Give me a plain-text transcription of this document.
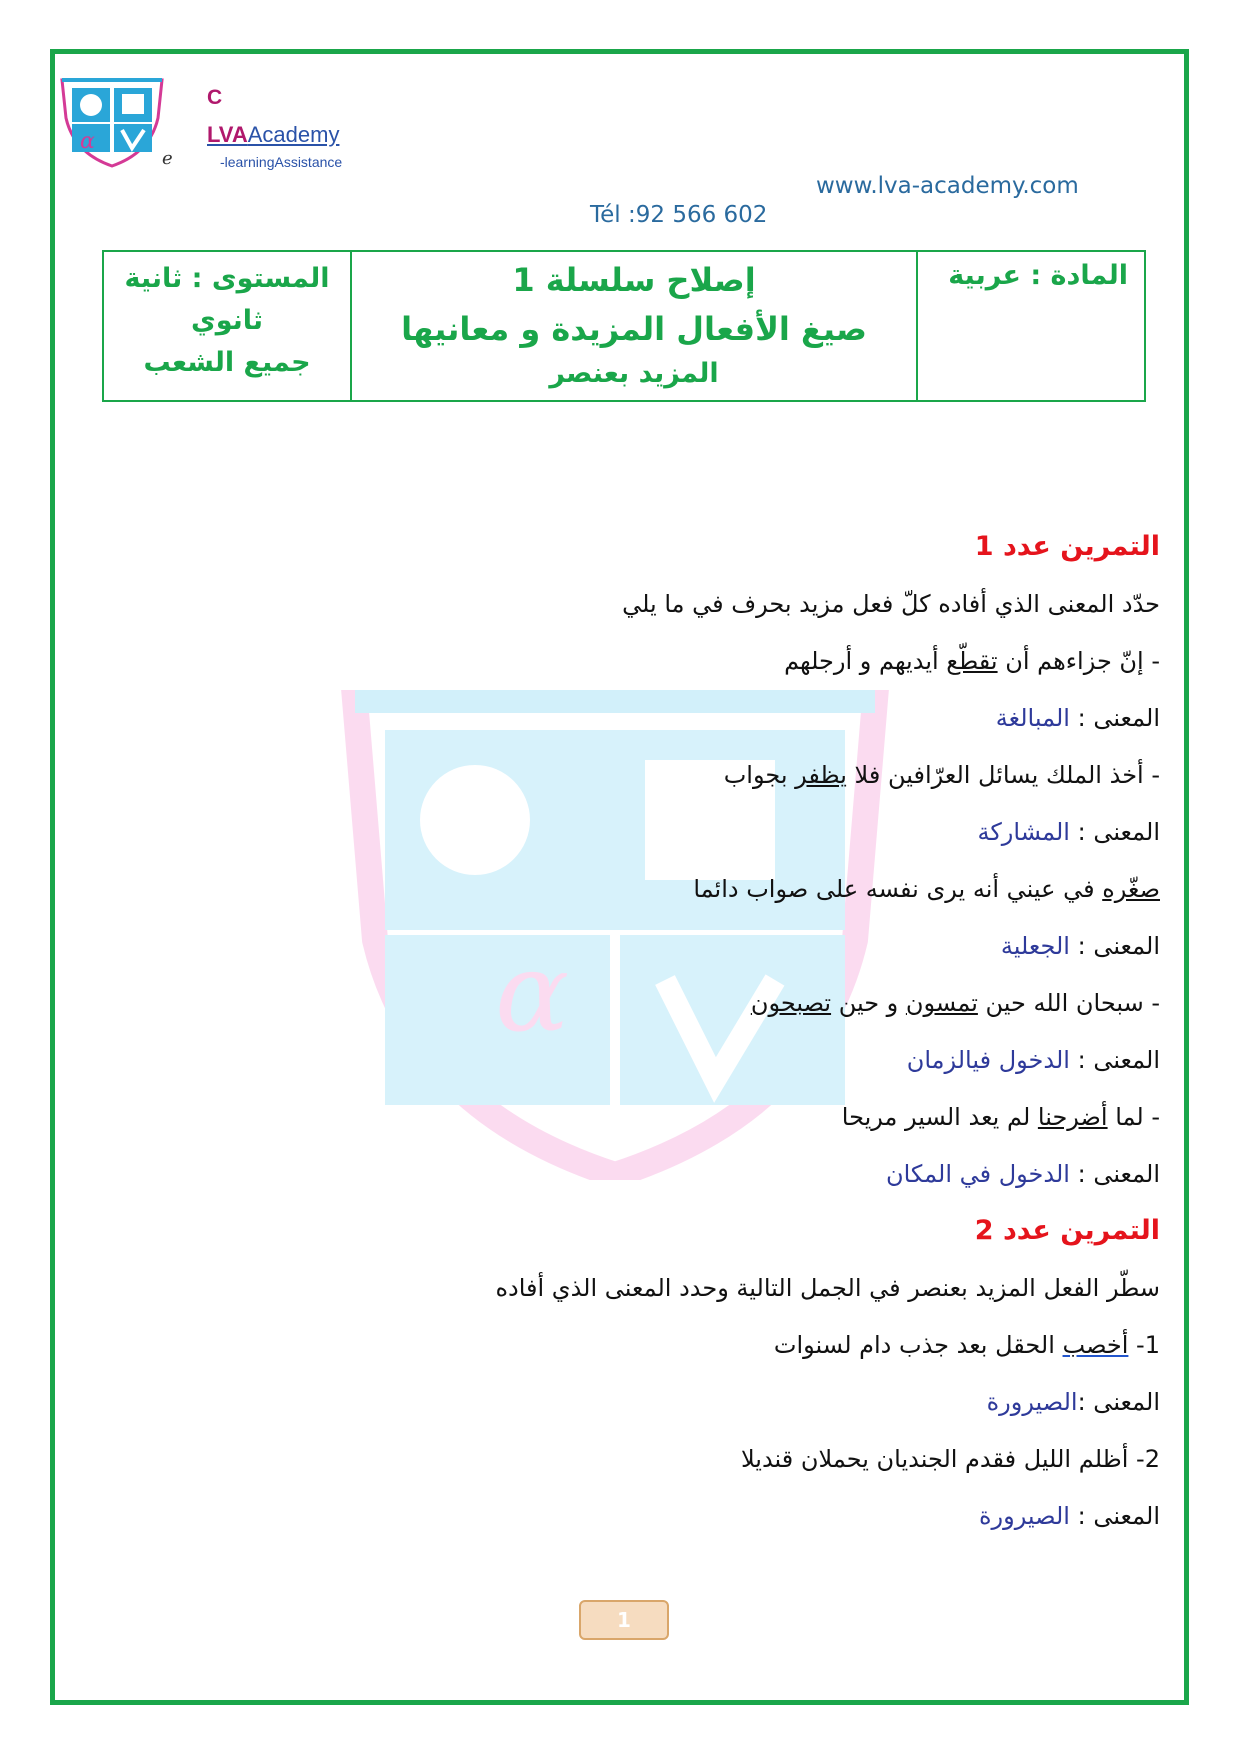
α
α
e
C
LVAAcademy
-learningAssistance
www.lva-academy.com
Tél :92 566 602
المستوى : ثانية
ثانوي
جميع الشعب
إصلاح سلسلة 1
صيغ الأفعال المزيدة و معانيها
المزيد بعنصر
المادة : عربية
التمرين عدد 1
حدّد المعنى الذي أفاده كلّ فعل مزيد بحرف في ما يلي
- إنّ جزاءهم أن تقطّع أيديهم و أرجلهم
المعنى : المبالغة
- أخذ الملك يسائل العرّافين فلا يظفر بجواب
المعنى : المشاركة
صغّره في عيني أنه يرى نفسه على صواب دائما
المعنى : الجعلية
- سبحان الله حين تمسون و حين تصبحون
المعنى : الدخول فيالزمان
- لما أضرحنا لم يعد السير مريحا
المعنى : الدخول في المكان
التمرين عدد 2
سطّر الفعل المزيد بعنصر في الجمل التالية وحدد المعنى الذي أفاده
1- أخصب الحقل بعد جذب دام لسنوات
المعنى :الصيرورة
2- أظلم الليل فقدم الجنديان يحملان قنديلا
المعنى : الصيرورة
1
